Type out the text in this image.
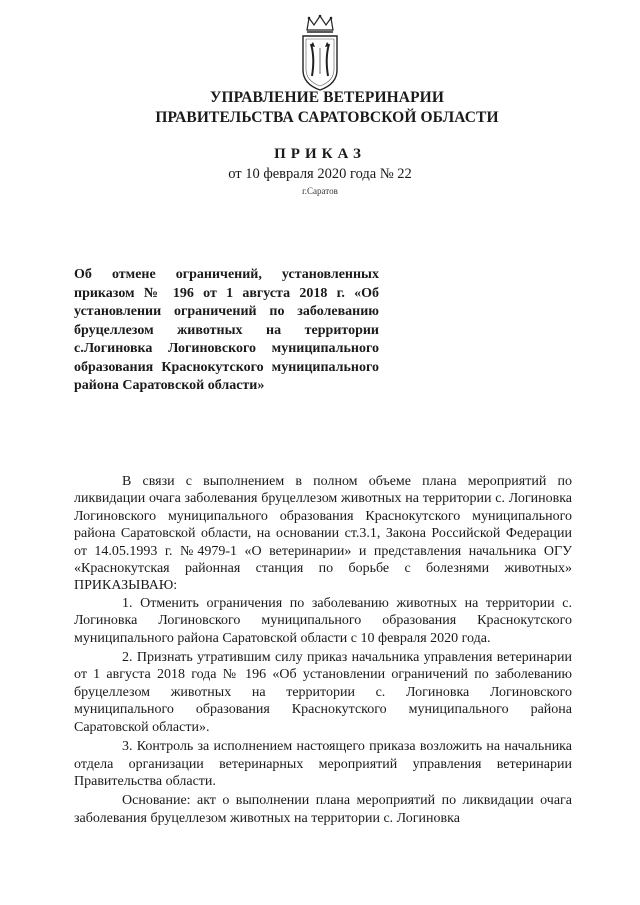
УПРАВЛЕНИЕ ВЕТЕРИНАРИИ
ПРАВИТЕЛЬСТВА САРАТОВСКОЙ ОБЛАСТИ
ПРИКАЗ
от 10 февраля 2020 года № 22
г.Саратов
Об отмене ограничений, установленных приказом № 196 от 1 августа 2018 г. «Об установлении ограничений по заболеванию бруцеллезом животных на территории с.Логиновка Логиновского муниципального образования Краснокутского муниципального района Саратовской области»

В связи с выполнением в полном объеме плана мероприятий по ликвидации очага заболевания бруцеллезом животных на территории с. Логиновка Логиновского муниципального образования Краснокутского муниципального района Саратовской области, на основании ст.3.1, Закона Российской Федерации от 14.05.1993 г. №4979-1 «О ветеринарии» и представления начальника ОГУ «Краснокутская районная станция по борьбе с болезнями животных» ПРИКАЗЫВАЮ:

1. Отменить ограничения по заболеванию животных на территории с. Логиновка Логиновского муниципального образования Краснокутского муниципального района Саратовской области с 10 февраля 2020 года.

2. Признать утратившим силу приказ начальника управления ветеринарии от 1 августа 2018 года № 196 «Об установлении ограничений по заболеванию бруцеллезом животных на территории с. Логиновка Логиновского муниципального образования Краснокутского муниципального района Саратовской области».

3. Контроль за исполнением настоящего приказа возложить на начальника отдела организации ветеринарных мероприятий управления ветеринарии Правительства области.

Основание: акт о выполнении плана мероприятий по ликвидации очага заболевания бруцеллезом животных на территории с. Логиновка
